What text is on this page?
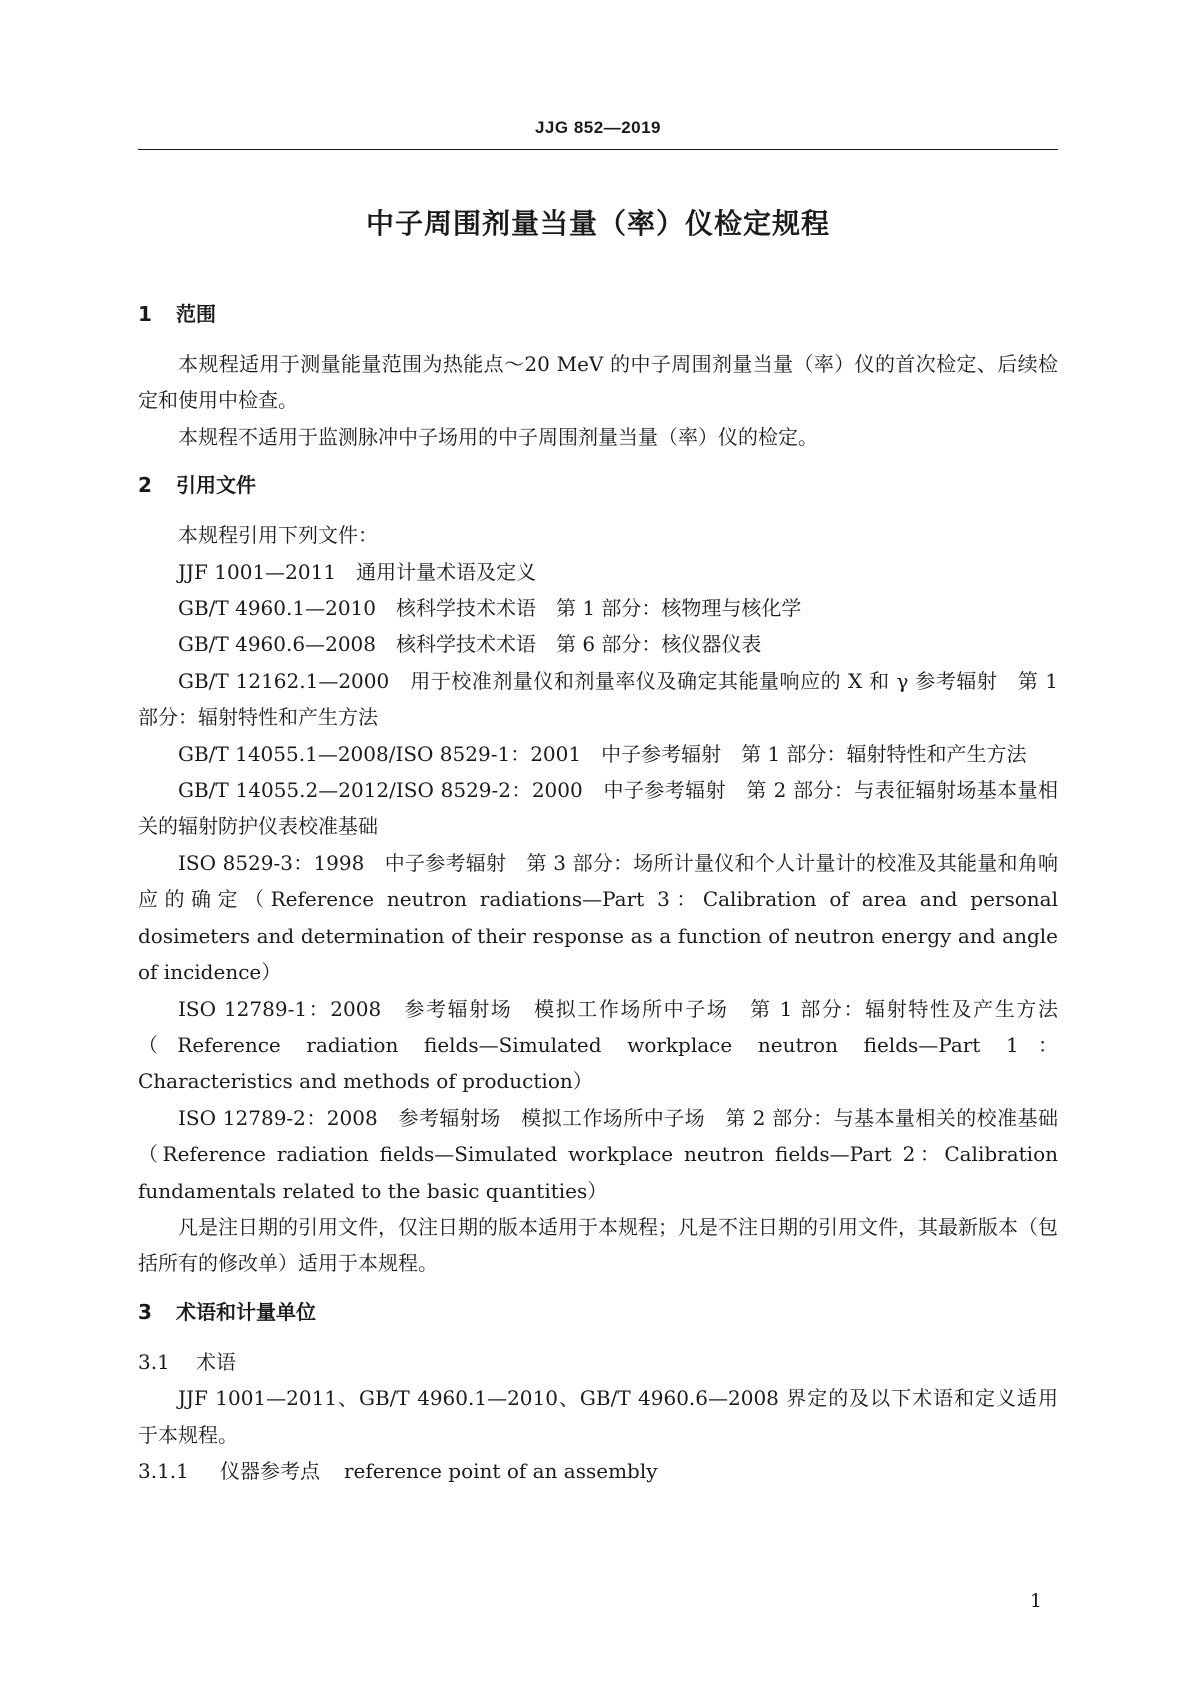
JJG 852—2019
中子周围剂量当量（率）仪检定规程
1 范围

本规程适用于测量能量范围为热能点～20 MeV 的中子周围剂量当量（率）仪的首次检定、后续检定和使用中检查。

本规程不适用于监测脉冲中子场用的中子周围剂量当量（率）仪的检定。

2 引用文件

本规程引用下列文件：

JJF 1001—2011　通用计量术语及定义

GB/T 4960.1—2010　核科学技术术语　第 1 部分：核物理与核化学

GB/T 4960.6—2008　核科学技术术语　第 6 部分：核仪器仪表

GB/T 12162.1—2000　用于校准剂量仪和剂量率仪及确定其能量响应的 X 和 γ 参考辐射　第 1 部分：辐射特性和产生方法

GB/T 14055.1—2008/ISO 8529-1：2001　中子参考辐射　第 1 部分：辐射特性和产生方法

GB/T 14055.2—2012/ISO 8529-2：2000　中子参考辐射　第 2 部分：与表征辐射场基本量相关的辐射防护仪表校准基础

ISO 8529-3：1998　中子参考辐射　第 3 部分：场所计量仪和个人计量计的校准及其能量和角响应的确定（Reference neutron radiations—Part 3：Calibration of area and personal dosimeters and determination of their response as a function of neutron energy and angle of incidence）

ISO 12789-1：2008　参考辐射场　模拟工作场所中子场　第 1 部分：辐射特性及产生方法（Reference radiation fields—Simulated workplace neutron fields—Part 1：Characteristics and methods of production）

ISO 12789-2：2008　参考辐射场　模拟工作场所中子场　第 2 部分：与基本量相关的校准基础（Reference radiation fields—Simulated workplace neutron fields—Part 2：Calibration fundamentals related to the basic quantities）

凡是注日期的引用文件，仅注日期的版本适用于本规程；凡是不注日期的引用文件，其最新版本（包括所有的修改单）适用于本规程。

3 术语和计量单位
3.1 术语

JJF 1001—2011、GB/T 4960.1—2010、GB/T 4960.6—2008 界定的及以下术语和定义适用于本规程。

3.1.1 仪器参考点 reference point of an assembly
1
